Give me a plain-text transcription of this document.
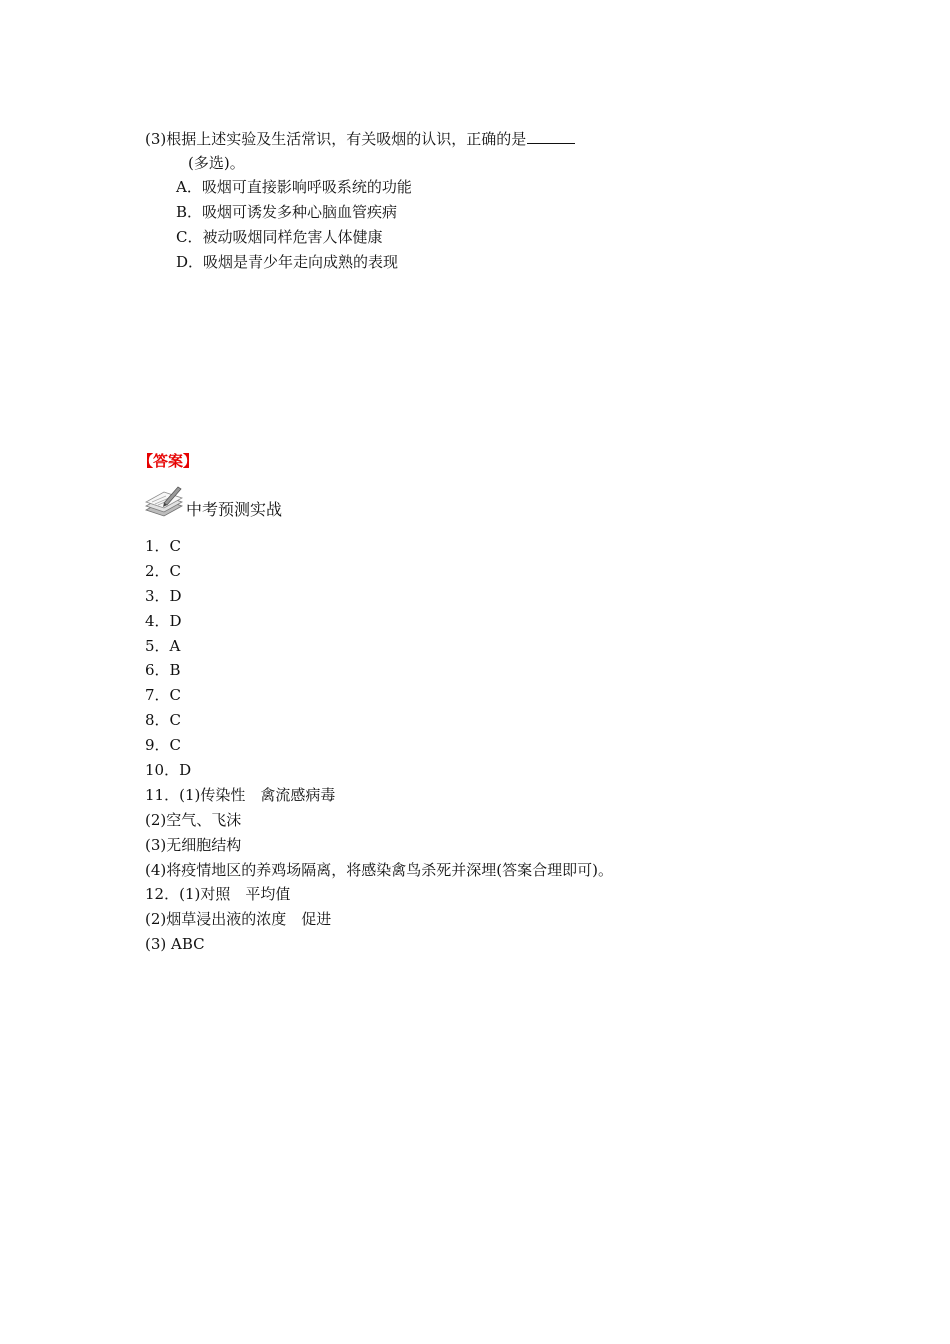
(3)根据上述实验及生活常识，有关吸烟的认识，正确的是
(多选)。
A．吸烟可直接影响呼吸系统的功能
B．吸烟可诱发多种心脑血管疾病
C．被动吸烟同样危害人体健康
D．吸烟是青少年走向成熟的表现
【答案】
中考预测实战
1．C
2．C
3．D
4．D
5．A
6．B
7．C
8．C
9．C
10．D
11．(1)传染性　禽流感病毒
(2)空气、飞沫
(3)无细胞结构
(4)将疫情地区的养鸡场隔离，将感染禽鸟杀死并深埋(答案合理即可)。
12．(1)对照　平均值
(2)烟草浸出液的浓度　促进
(3) ABC
